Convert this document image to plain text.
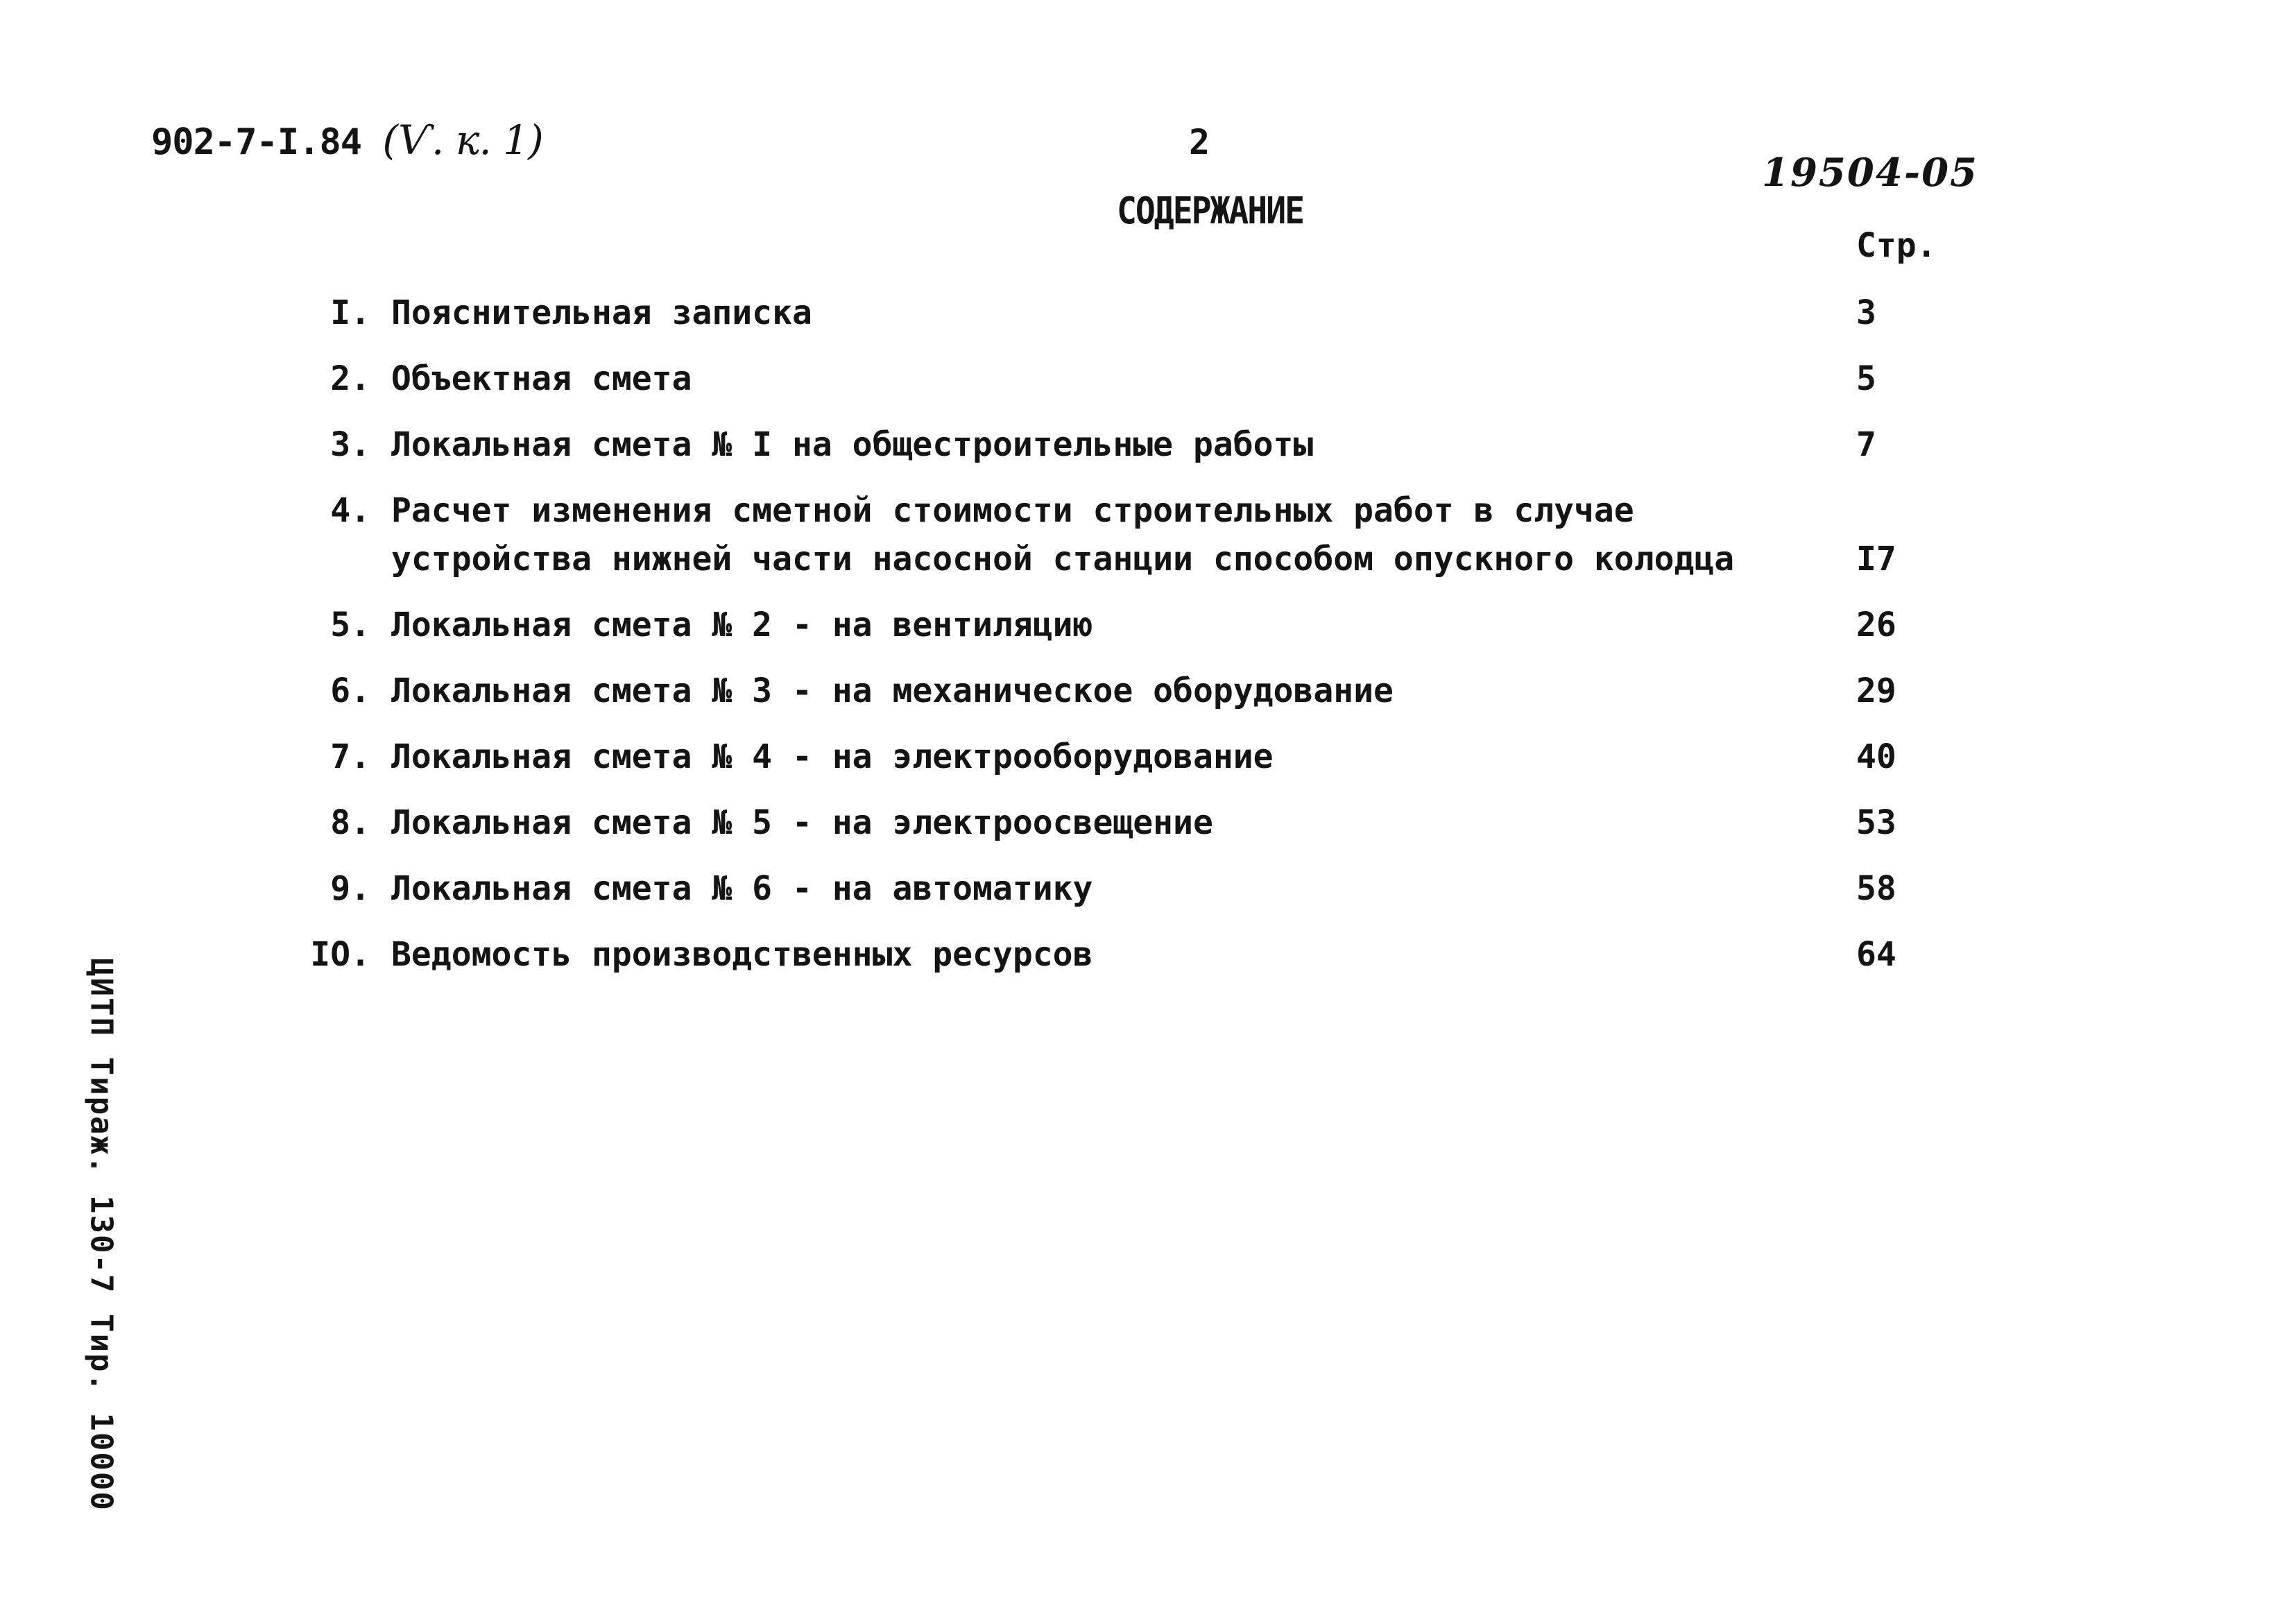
902-7-I.84 (Ѵ. к. 1)	2
19504-05
СОДЕРЖАНИЕ
Стр.
I. Пояснительная записка	3
2. Объектная смета	5
3. Локальная смета № I на общестроительные работы	7
4. Расчет изменения сметной стоимости строительных работ в случае
устройства нижней части насосной станции способом опускного колодца	I7
5. Локальная смета № 2 - на вентиляцию	26
6. Локальная смета № 3 - на механическое оборудование	29
7. Локальная смета № 4 - на электрооборудование	40
8. Локальная смета № 5 - на электроосвещение	53
9. Локальная смета № 6 - на автоматику	58
IO. Ведомость производственных ресурсов	64
ЦИТП Тираж. 130-7 Тир. 10000
